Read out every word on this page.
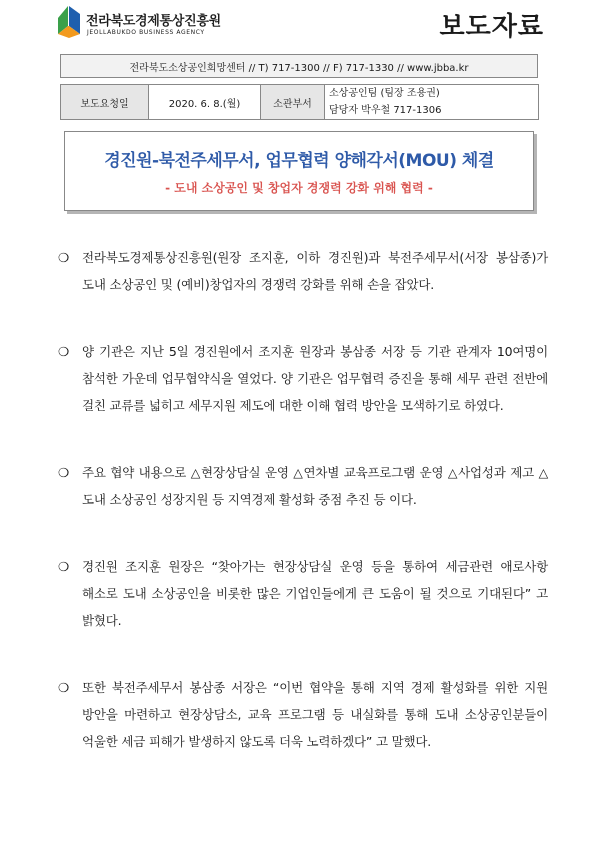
전라북도경제통상진흥원
JEOLLABUKDO BUSINESS AGENCY	보도자료
전라북도소상공인희망센터 // T) 717-1300 // F) 717-1330 // www.jbba.kr
보도요청일	2020. 6. 8.(월)	소관부서	
소상공인팀 (팀장 조용권)
담당자 박우철 717-1306
경진원-북전주세무서, 업무협력 양해각서(MOU) 체결
- 도내 소상공인 및 창업자 경쟁력 강화 위해 협력 -
❍ 전라북도경제통상진흥원(원장 조지훈, 이하 경진원)과 북전주세무서(서장 봉삼종)가 도내 소상공인 및 (예비)창업자의 경쟁력 강화를 위해 손을 잡았다.
❍ 양 기관은 지난 5일 경진원에서 조지훈 원장과 봉삼종 서장 등 기관 관계자 10여명이 참석한 가운데 업무협약식을 열었다. 양 기관은 업무협력 증진을 통해 세무 관련 전반에 걸친 교류를 넓히고 세무지원 제도에 대한 이해 협력 방안을 모색하기로 하였다.
❍ 주요 협약 내용으로 △현장상담실 운영 △연차별 교육프로그램 운영 △사업성과 제고 △도내 소상공인 성장지원 등 지역경제 활성화 중점 추진 등 이다.
❍ 경진원 조지훈 원장은 “찾아가는 현장상담실 운영 등을 통하여 세금관련 애로사항 해소로 도내 소상공인을 비롯한 많은 기업인들에게 큰 도움이 될 것으로 기대된다” 고 밝혔다.
❍ 또한 북전주세무서 봉삼종 서장은 “이번 협약을 통해 지역 경제 활성화를 위한 지원 방안을 마련하고 현장상담소, 교육 프로그램 등 내실화를 통해 도내 소상공인분들이 억울한 세금 피해가 발생하지 않도록 더욱 노력하겠다” 고 말했다.
